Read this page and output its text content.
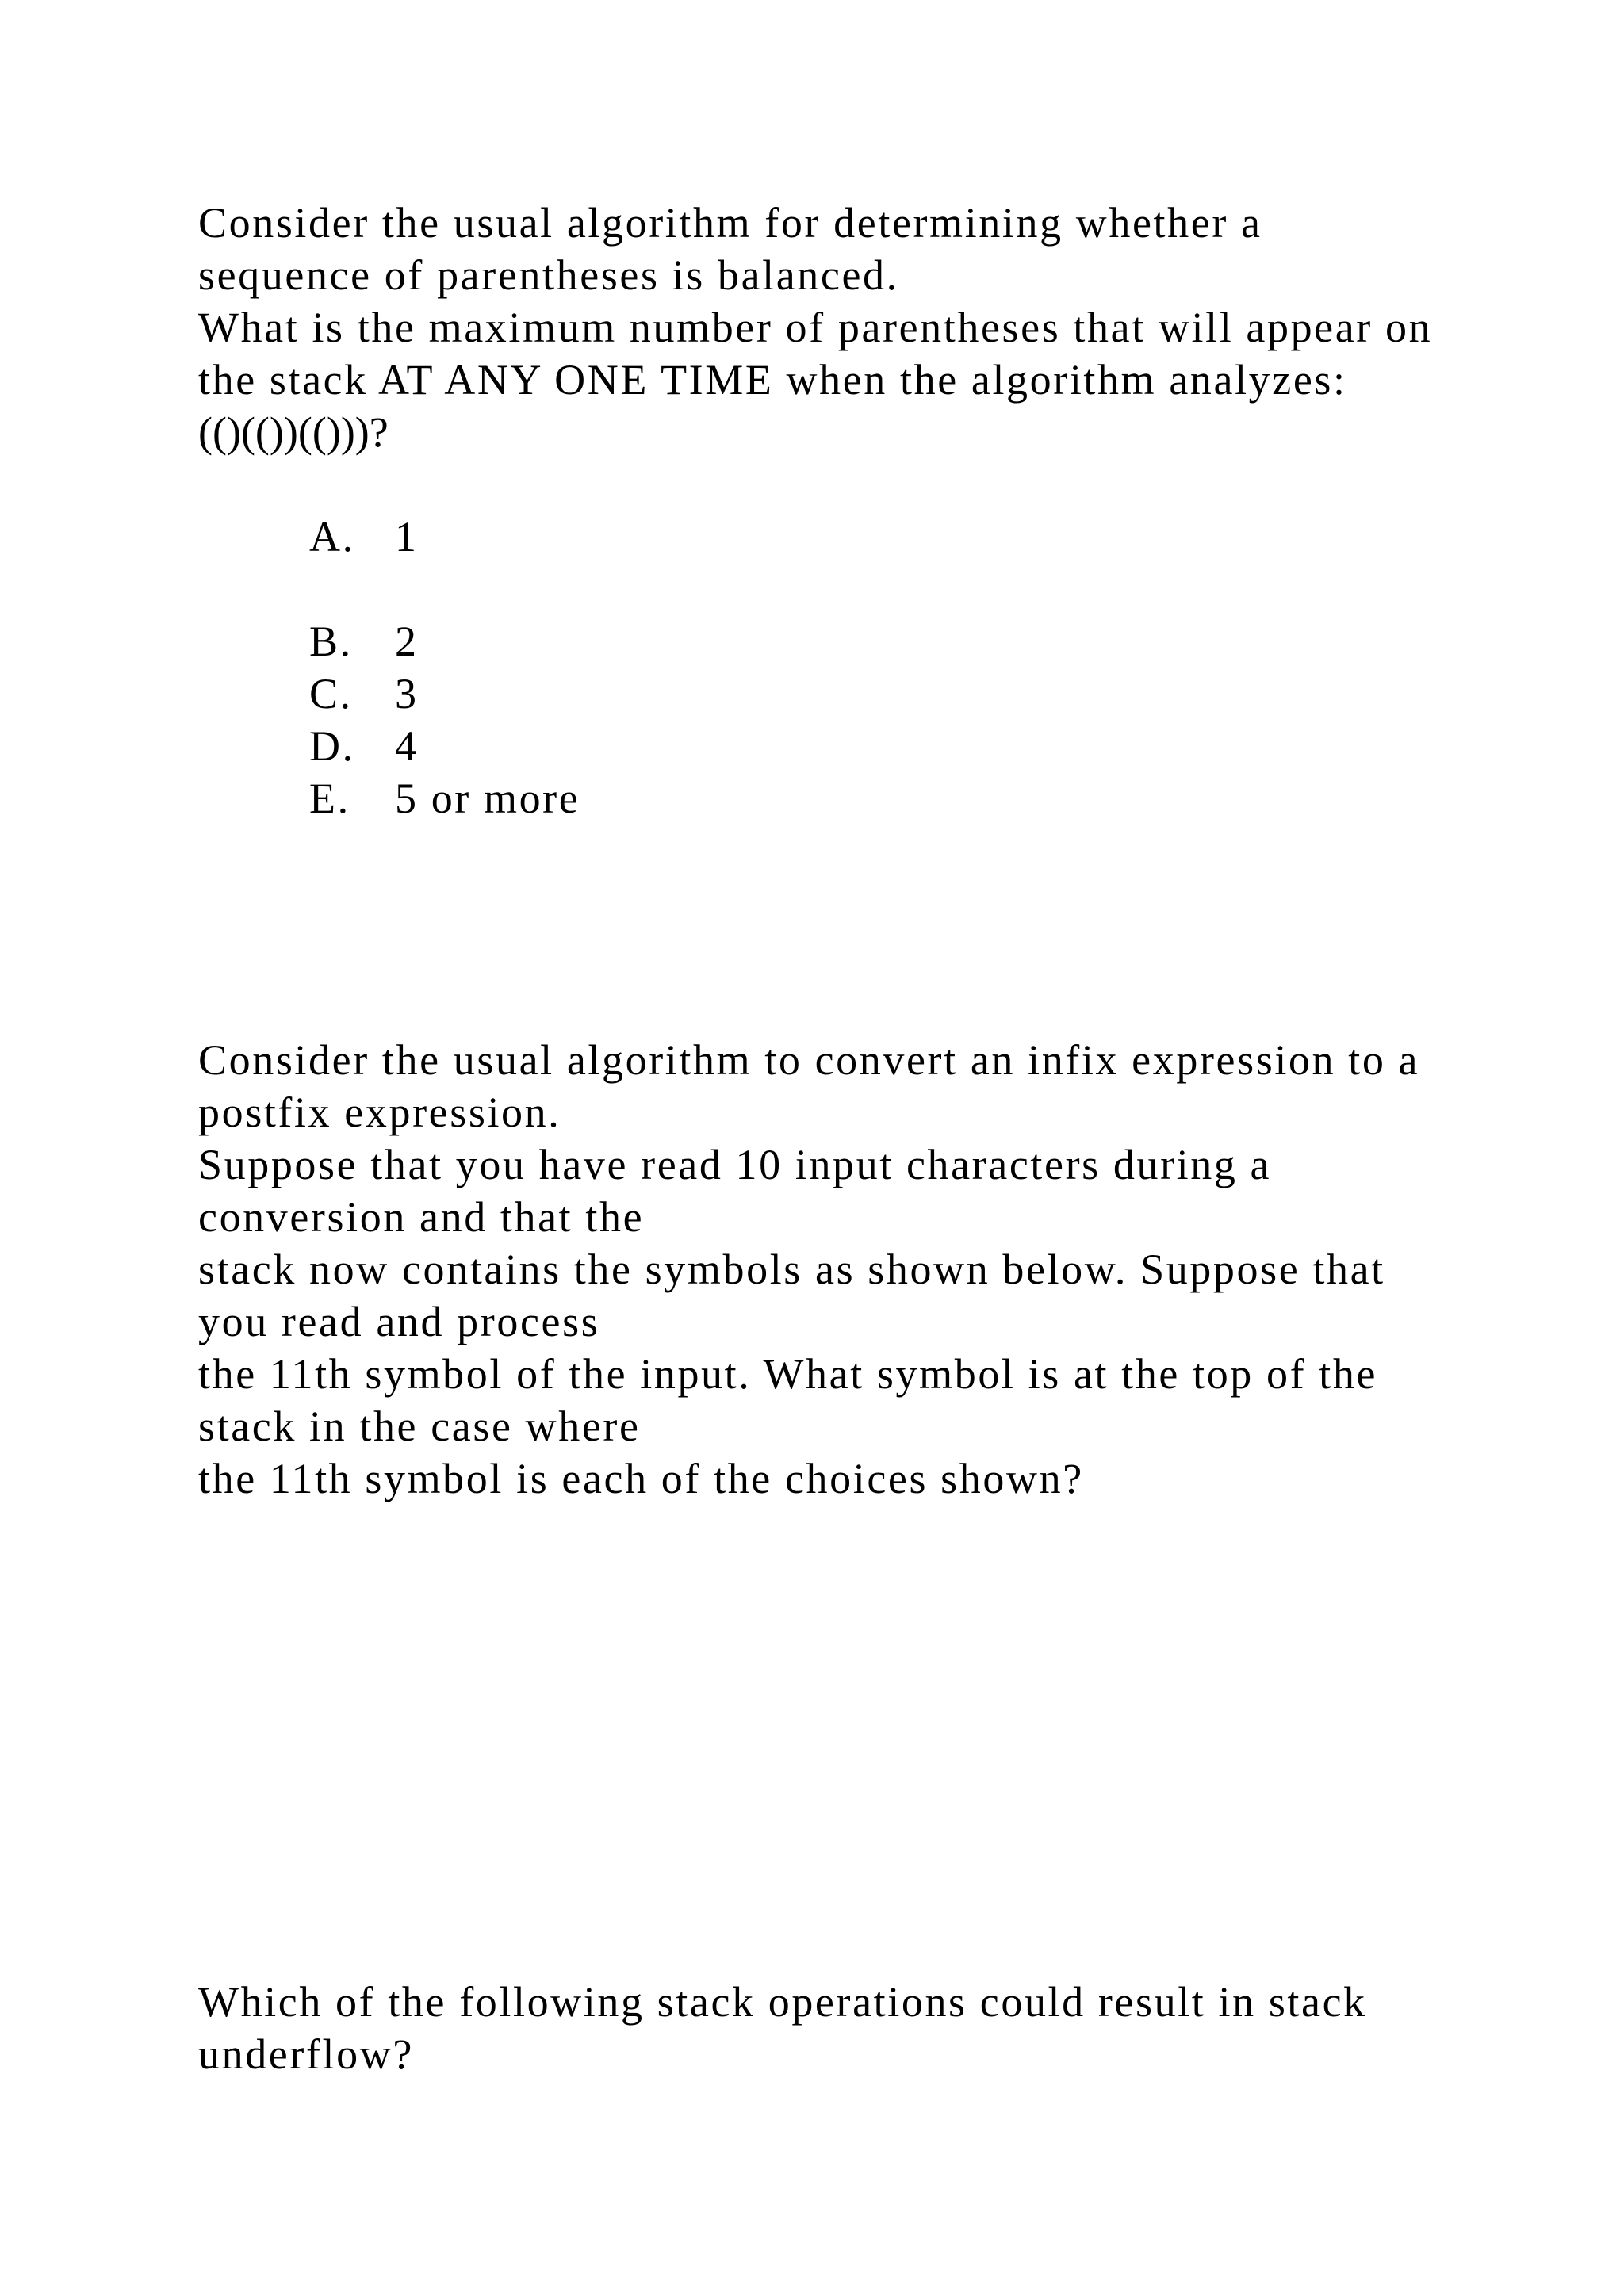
Consider the usual algorithm for determining whether a
sequence of parentheses is balanced.
What is the maximum number of parentheses that will appear on
the stack AT ANY ONE TIME when the algorithm analyzes:
(()(())(()))?
A. 1
B. 2
C. 3
D. 4
E. 5 or more
Consider the usual algorithm to convert an infix expression to a
postfix expression.
Suppose that you have read 10 input characters during a
conversion and that the
stack now contains the symbols as shown below. Suppose that
you read and process
the 11th symbol of the input. What symbol is at the top of the
stack in the case where
the 11th symbol is each of the choices shown?
Which of the following stack operations could result in stack
underflow?
